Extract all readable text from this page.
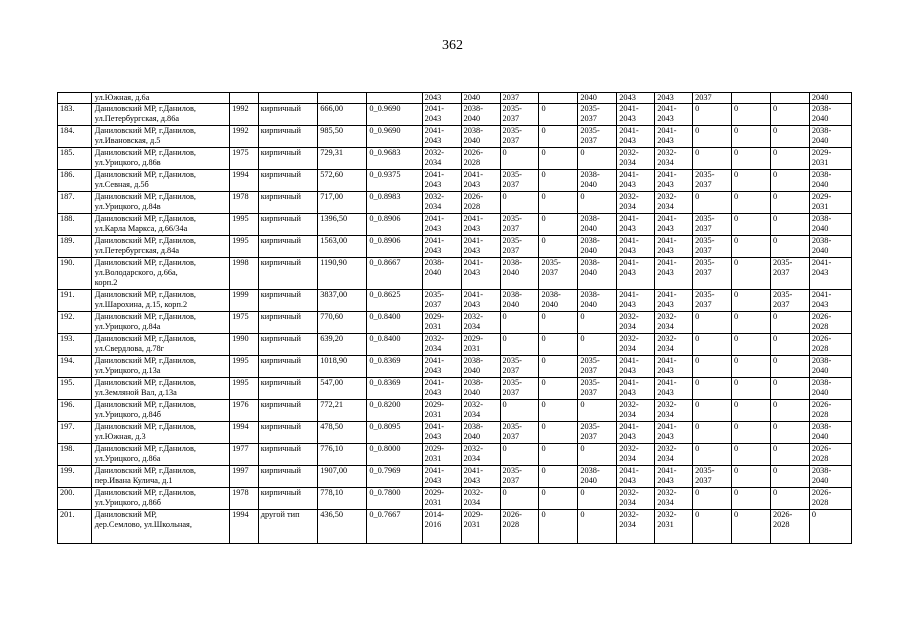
362
	ул.Южная, д.6а					2043	2040	2037		2040	2043	2043	2037			2040
183.	Даниловский МР, г.Данилов,
ул.Петербургская, д.86а	1992	кирпичный	666,00	0_0.9690	2041-
2043	2038-
2040	2035-
2037	0	2035-
2037	2041-
2043	2041-
2043	0	0	0	2038-
2040
184.	Даниловский МР, г.Данилов,
ул.Ивановская, д.5	1992	кирпичный	985,50	0_0.9690	2041-
2043	2038-
2040	2035-
2037	0	2035-
2037	2041-
2043	2041-
2043	0	0	0	2038-
2040
185.	Даниловский МР, г.Данилов,
ул.Урицкого, д.86в	1975	кирпичный	729,31	0_0.9683	2032-
2034	2026-
2028	0	0	0	2032-
2034	2032-
2034	0	0	0	2029-
2031
186.	Даниловский МР, г.Данилов,
ул.Севная, д.5б	1994	кирпичный	572,60	0_0.9375	2041-
2043	2041-
2043	2035-
2037	0	2038-
2040	2041-
2043	2041-
2043	2035-
2037	0	0	2038-
2040
187.	Даниловский МР, г.Данилов,
ул.Урицкого, д.84в	1978	кирпичный	717,00	0_0.8983	2032-
2034	2026-
2028	0	0	0	2032-
2034	2032-
2034	0	0	0	2029-
2031
188.	Даниловский МР, г.Данилов,
ул.Карла Маркса, д.66/34а	1995	кирпичный	1396,50	0_0.8906	2041-
2043	2041-
2043	2035-
2037	0	2038-
2040	2041-
2043	2041-
2043	2035-
2037	0	0	2038-
2040
189.	Даниловский МР, г.Данилов,
ул.Петербургская, д.84а	1995	кирпичный	1563,00	0_0.8906	2041-
2043	2041-
2043	2035-
2037	0	2038-
2040	2041-
2043	2041-
2043	2035-
2037	0	0	2038-
2040
190.	Даниловский МР, г.Данилов,
ул.Володарского, д.66а,
корп.2	1998	кирпичный	1190,90	0_0.8667	2038-
2040	2041-
2043	2038-
2040	2035-
2037	2038-
2040	2041-
2043	2041-
2043	2035-
2037	0	2035-
2037	2041-
2043
191.	Даниловский МР, г.Данилов,
ул.Шарохина, д.15, корп.2	1999	кирпичный	3837,00	0_0.8625	2035-
2037	2041-
2043	2038-
2040	2038-
2040	2038-
2040	2041-
2043	2041-
2043	2035-
2037	0	2035-
2037	2041-
2043
192.	Даниловский МР, г.Данилов,
ул.Урицкого, д.84а	1975	кирпичный	770,60	0_0.8400	2029-
2031	2032-
2034	0	0	0	2032-
2034	2032-
2034	0	0	0	2026-
2028
193.	Даниловский МР, г.Данилов,
ул.Свердлова, д.78г	1990	кирпичный	639,20	0_0.8400	2032-
2034	2029-
2031	0	0	0	2032-
2034	2032-
2034	0	0	0	2026-
2028
194.	Даниловский МР, г.Данилов,
ул.Урицкого, д.13а	1995	кирпичный	1018,90	0_0.8369	2041-
2043	2038-
2040	2035-
2037	0	2035-
2037	2041-
2043	2041-
2043	0	0	0	2038-
2040
195.	Даниловский МР, г.Данилов,
ул.Земляной Вал, д.13а	1995	кирпичный	547,00	0_0.8369	2041-
2043	2038-
2040	2035-
2037	0	2035-
2037	2041-
2043	2041-
2043	0	0	0	2038-
2040
196.	Даниловский МР, г.Данилов,
ул.Урицкого, д.84б	1976	кирпичный	772,21	0_0.8200	2029-
2031	2032-
2034	0	0	0	2032-
2034	2032-
2034	0	0	0	2026-
2028
197.	Даниловский МР, г.Данилов,
ул.Южная, д.3	1994	кирпичный	478,50	0_0.8095	2041-
2043	2038-
2040	2035-
2037	0	2035-
2037	2041-
2043	2041-
2043	0	0	0	2038-
2040
198.	Даниловский МР, г.Данилов,
ул.Урицкого, д.86а	1977	кирпичный	776,10	0_0.8000	2029-
2031	2032-
2034	0	0	0	2032-
2034	2032-
2034	0	0	0	2026-
2028
199.	Даниловский МР, г.Данилов,
пер.Ивана Кулича, д.1	1997	кирпичный	1907,00	0_0.7969	2041-
2043	2041-
2043	2035-
2037	0	2038-
2040	2041-
2043	2041-
2043	2035-
2037	0	0	2038-
2040
200.	Даниловский МР, г.Данилов,
ул.Урицкого, д.86б	1978	кирпичный	778,10	0_0.7800	2029-
2031	2032-
2034	0	0	0	2032-
2034	2032-
2034	0	0	0	2026-
2028
201.	Даниловский МР,
дер.Семлово, ул.Школьная,	1994	другой тип	436,50	0_0.7667	2014-
2016	2029-
2031	2026-
2028	0	0	2032-
2034	2032-
2031	0	0	2026-
2028	0
